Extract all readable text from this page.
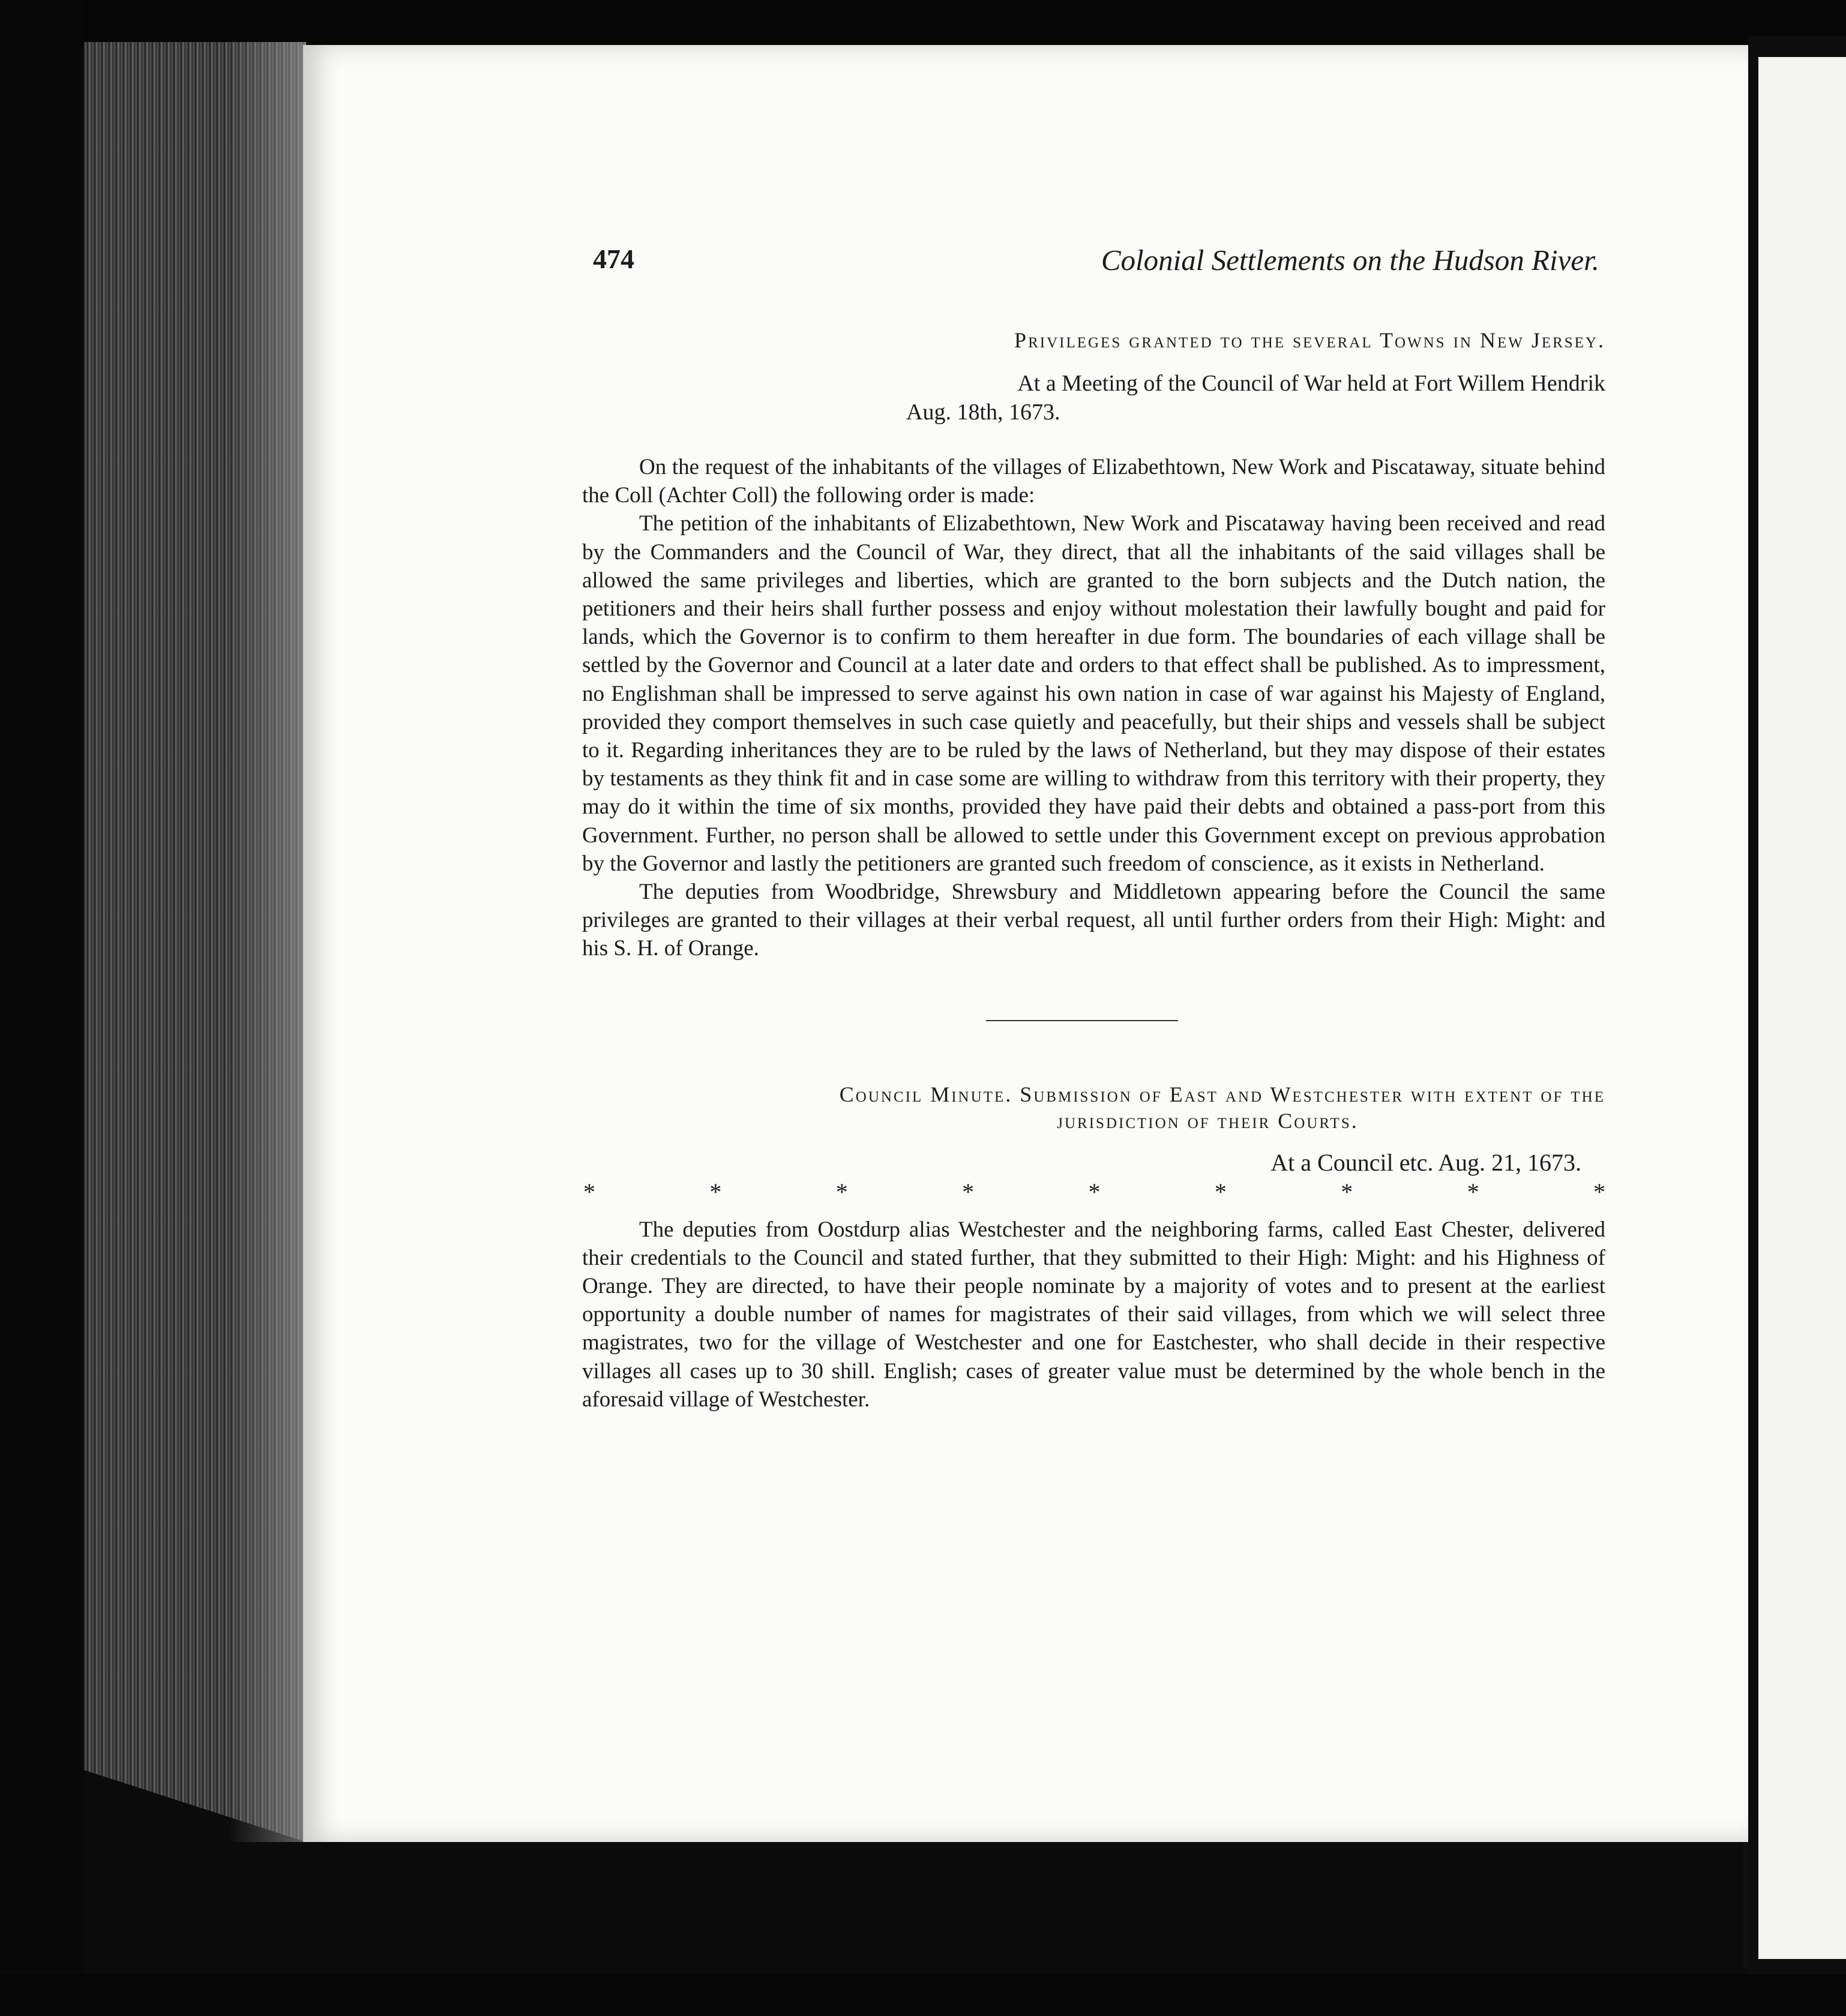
474	Colonial Settlements on the Hudson River.
Privileges granted to the several Towns in New Jersey.
At a Meeting of the Council of War held at Fort Willem Hendrik
Aug. 18th, 1673.

On the request of the inhabitants of the villages of Elizabethtown, New Work and Piscataway, situate behind the Coll (Achter Coll) the following order is made:

The petition of the inhabitants of Elizabethtown, New Work and Piscataway having been received and read by the Commanders and the Council of War, they direct, that all the inhabitants of the said villages shall be allowed the same privileges and liberties, which are granted to the born subjects and the Dutch nation, the petitioners and their heirs shall further possess and enjoy without molestation their lawfully bought and paid for lands, which the Governor is to confirm to them hereafter in due form. The boundaries of each village shall be settled by the Governor and Council at a later date and orders to that effect shall be published. As to impressment, no Englishman shall be impressed to serve against his own nation in case of war against his Majesty of England, provided they comport themselves in such case quietly and peacefully, but their ships and vessels shall be subject to it. Regarding inheritances they are to be ruled by the laws of Netherland, but they may dispose of their estates by testaments as they think fit and in case some are willing to withdraw from this territory with their property, they may do it within the time of six months, provided they have paid their debts and obtained a pass-port from this Government. Further, no person shall be allowed to settle under this Government except on previous approbation by the Governor and lastly the petitioners are granted such freedom of conscience, as it exists in Netherland.

The deputies from Woodbridge, Shrewsbury and Middletown appearing before the Council the same privileges are granted to their villages at their verbal request, all until further orders from their High: Might: and his S. H. of Orange.

Council Minute. Submission of East and Westchester with extent of the
jurisdiction of their Courts.
At a Council etc. Aug. 21, 1673.
*	*	*	*	*	*	*	*	*

The deputies from Oostdurp alias Westchester and the neighboring farms, called East Chester, delivered their credentials to the Council and stated further, that they submitted to their High: Might: and his Highness of Orange. They are directed, to have their people nominate by a majority of votes and to present at the earliest opportunity a double number of names for magistrates of their said villages, from which we will select three magistrates, two for the village of Westchester and one for Eastchester, who shall decide in their respective villages all cases up to 30 shill. English; cases of greater value must be determined by the whole bench in the aforesaid village of Westchester.
